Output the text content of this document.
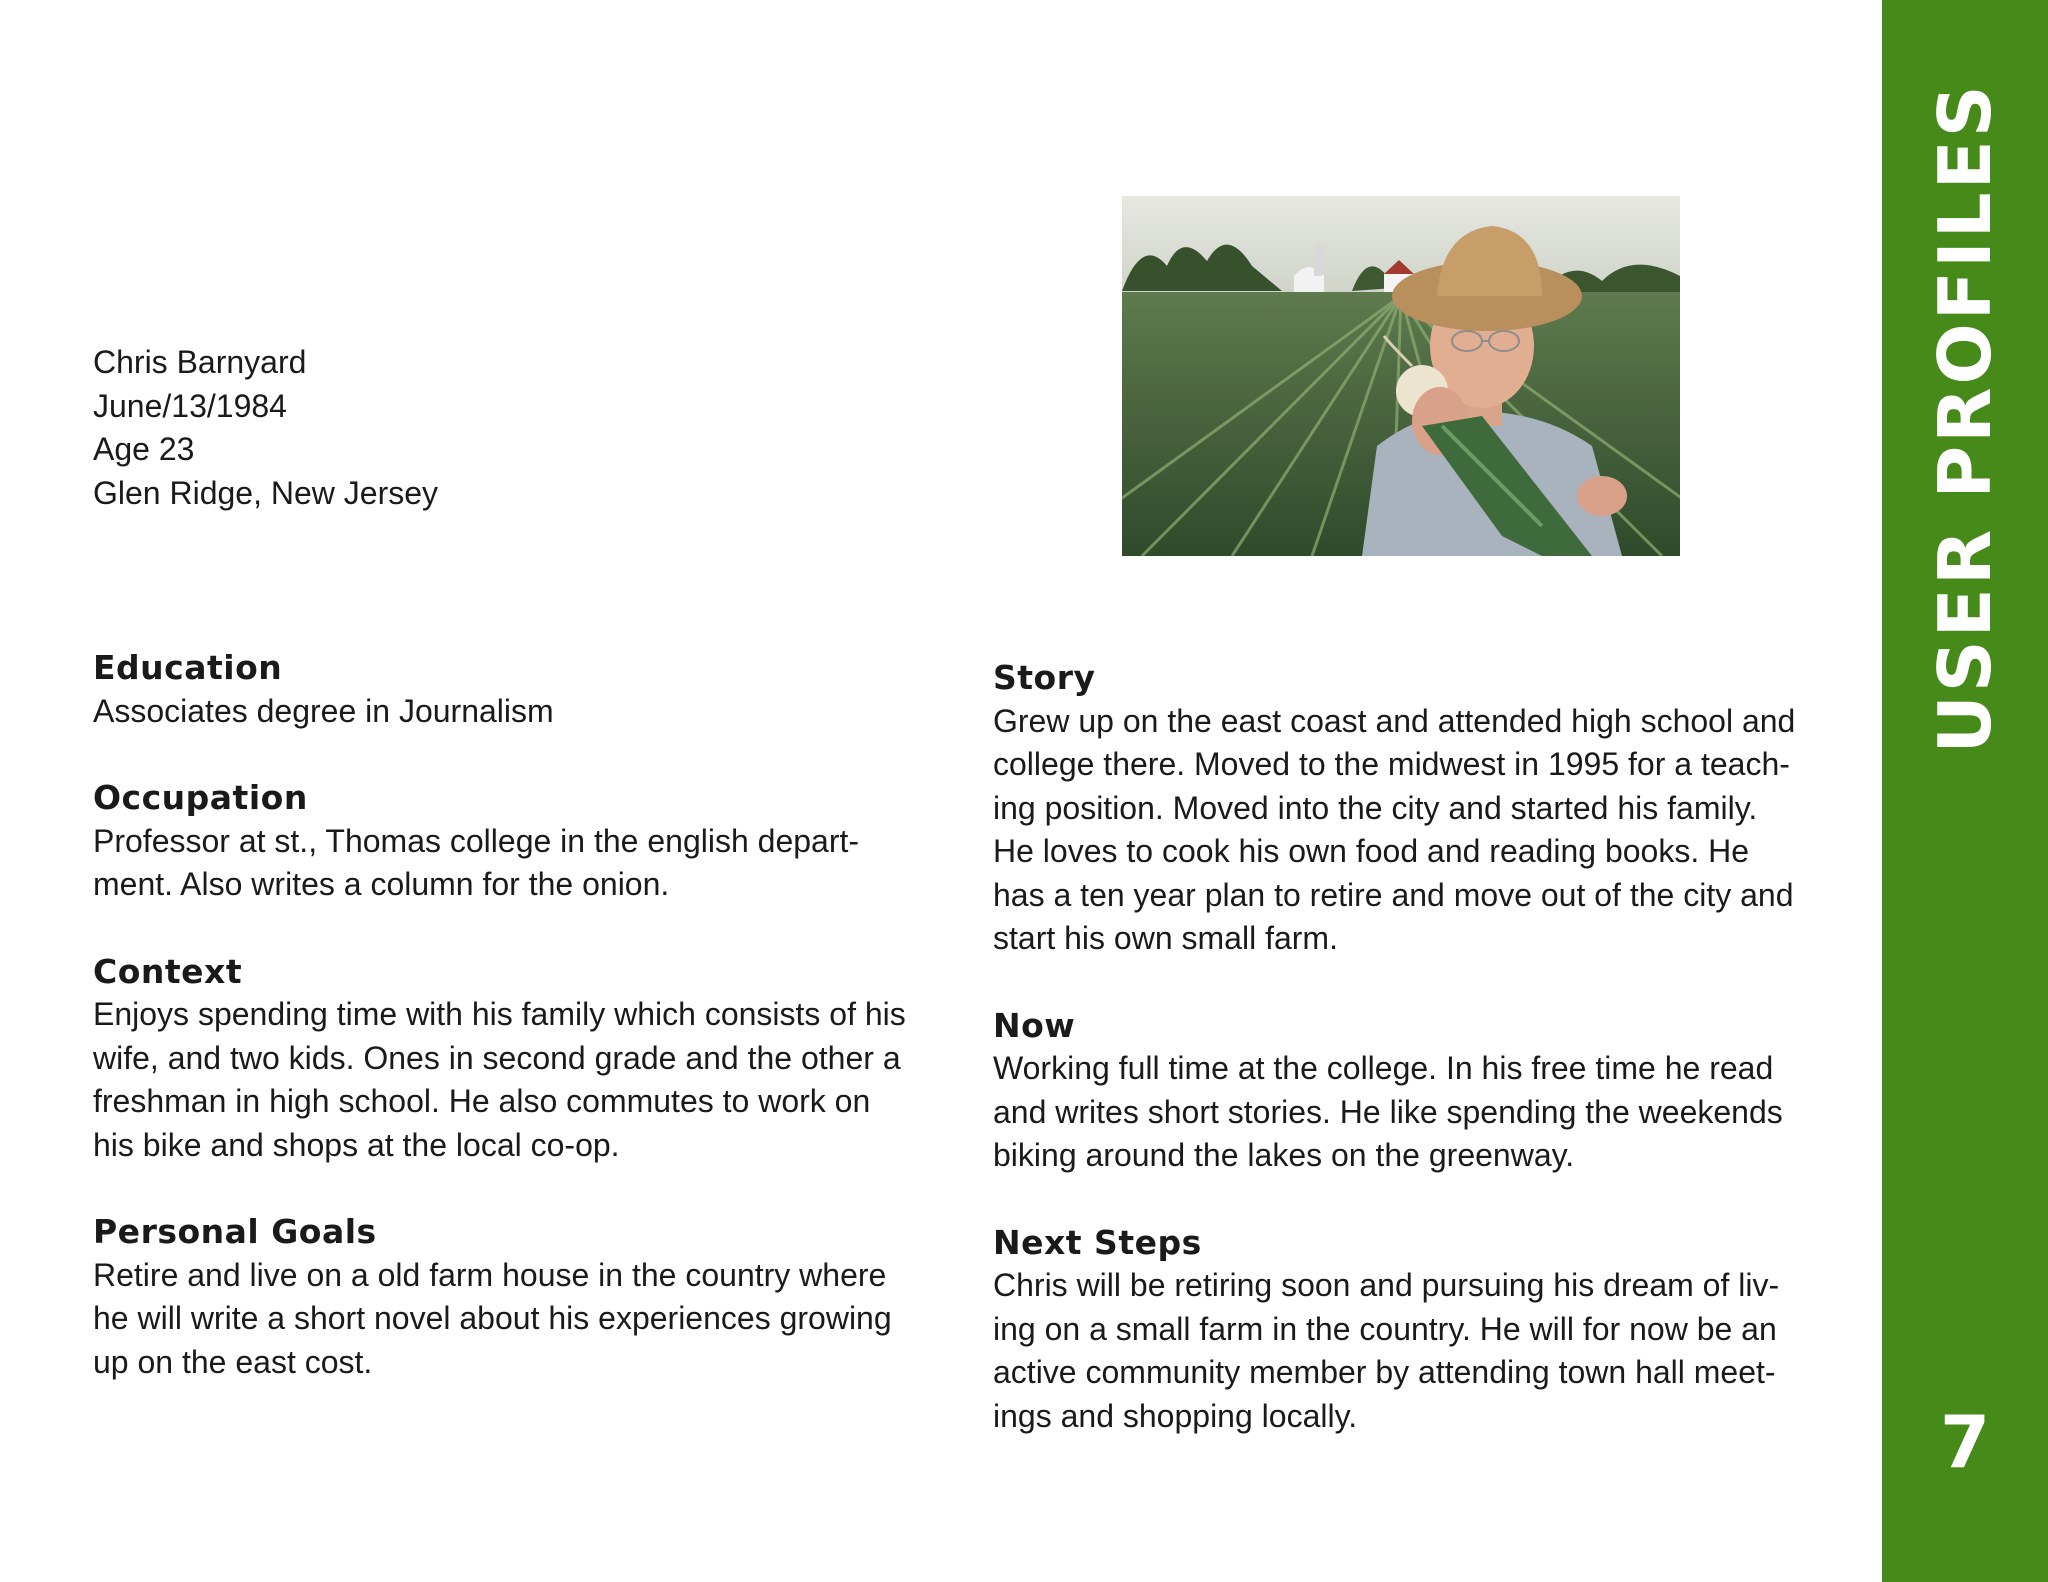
Chris Barnyard
June/13/1984
Age 23
Glen Ridge, New Jersey
Education

Associates degree in Journalism

Occupation

Professor at st., Thomas college in the english depart-
ment. Also writes a column for the onion.

Context

Enjoys spending time with his family which consists of his
wife, and two kids. Ones in second grade and the other a
freshman in high school. He also commutes to work on
his bike and shops at the local co-op.

Personal Goals

Retire and live on a old farm house in the country where
he will write a short novel about his experiences growing
up on the east cost.

Story

Grew up on the east coast and attended high school and
college there. Moved to the midwest in 1995 for a teach-
ing position. Moved into the city and started his family.
He loves to cook his own food and reading books. He
has a ten year plan to retire and move out of the city and
start his own small farm.

Now

Working full time at the college. In his free time he read
and writes short stories. He like spending the weekends
biking around the lakes on the greenway.

Next Steps

Chris will be retiring soon and pursuing his dream of liv-
ing on a small farm in the country. He will for now be an
active community member by attending town hall meet-
ings and shopping locally.

USER PROFILES
7
